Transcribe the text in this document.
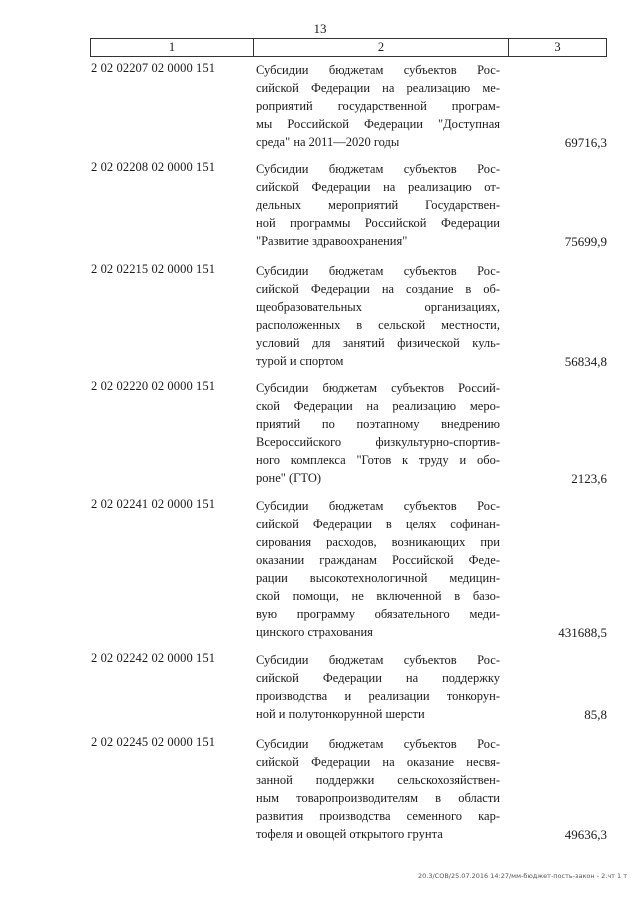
13
1	2	3
2 02 02207 02 0000 151	Субсидии бюджетам субъектов Рос-
сийской Федерации на реализацию ме-
роприятий государственной програм-
мы Российской Федерации "Доступная
среда" на 2011—2020 годы	69716,3
2 02 02208 02 0000 151	Субсидии бюджетам субъектов Рос-
сийской Федерации на реализацию от-
дельных мероприятий Государствен-
ной программы Российской Федерации
"Развитие здравоохранения"	75699,9
2 02 02215 02 0000 151	Субсидии бюджетам субъектов Рос-
сийской Федерации на создание в об-
щеобразовательных организациях,
расположенных в сельской местности,
условий для занятий физической куль-
турой и спортом	56834,8
2 02 02220 02 0000 151	Субсидии бюджетам субъектов Россий-
ской Федерации на реализацию меро-
приятий по поэтапному внедрению
Всероссийского физкультурно-спортив-
ного комплекса "Готов к труду и обо-
роне" (ГТО)	2123,6
2 02 02241 02 0000 151	Субсидии бюджетам субъектов Рос-
сийской Федерации в целях софинан-
сирования расходов, возникающих при
оказании гражданам Российской Феде-
рации высокотехнологичной медицин-
ской помощи, не включенной в базо-
вую программу обязательного меди-
цинского страхования	431688,5
2 02 02242 02 0000 151	Субсидии бюджетам субъектов Рос-
сийской Федерации на поддержку
производства и реализации тонкорун-
ной и полутонкорунной шерсти	85,8
2 02 02245 02 0000 151	Субсидии бюджетам субъектов Рос-
сийской Федерации на оказание несвя-
занной поддержки сельскохозяйствен-
ным товаропроизводителям в области
развития производства семенного кар-
тофеля и овощей открытого грунта	49636,3
20.3/СОВ/25.07.2016 14:27/мм-бюджет-пость-закон - 2.чт 1 т
